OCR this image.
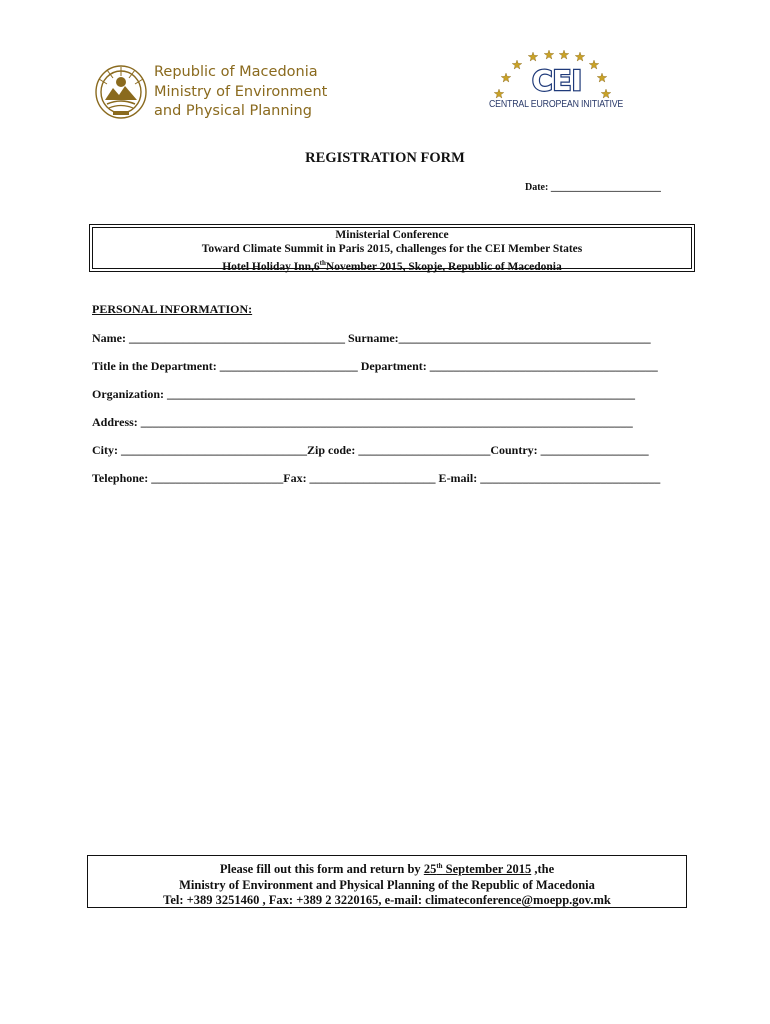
Republic of Macedonia
Ministry of Environment
and Physical Planning
CEI
CENTRAL EUROPEAN INITIATIVE
REGISTRATION FORM
Date: ______________________
Ministerial Conference
Toward Climate Summit in Paris 2015, challenges for the CEI Member States
Hotel Holiday Inn,6thNovember 2015, Skopje, Republic of Macedonia
PERSONAL INFORMATION:
Name: ____________________________________ Surname:__________________________________________
Title in the Department: _______________________ Department: ______________________________________
Organization: ______________________________________________________________________________
Address: __________________________________________________________________________________
City: _______________________________Zip code: ______________________Country: __________________
Telephone: ______________________Fax: _____________________ E-mail: ______________________________
Please fill out this form and return by 25th September 2015 ,the
Ministry of Environment and Physical Planning of the Republic of Macedonia
Tel: +389 3251460 , Fax: +389 2 3220165, e-mail: climateconference@moepp.gov.mk
